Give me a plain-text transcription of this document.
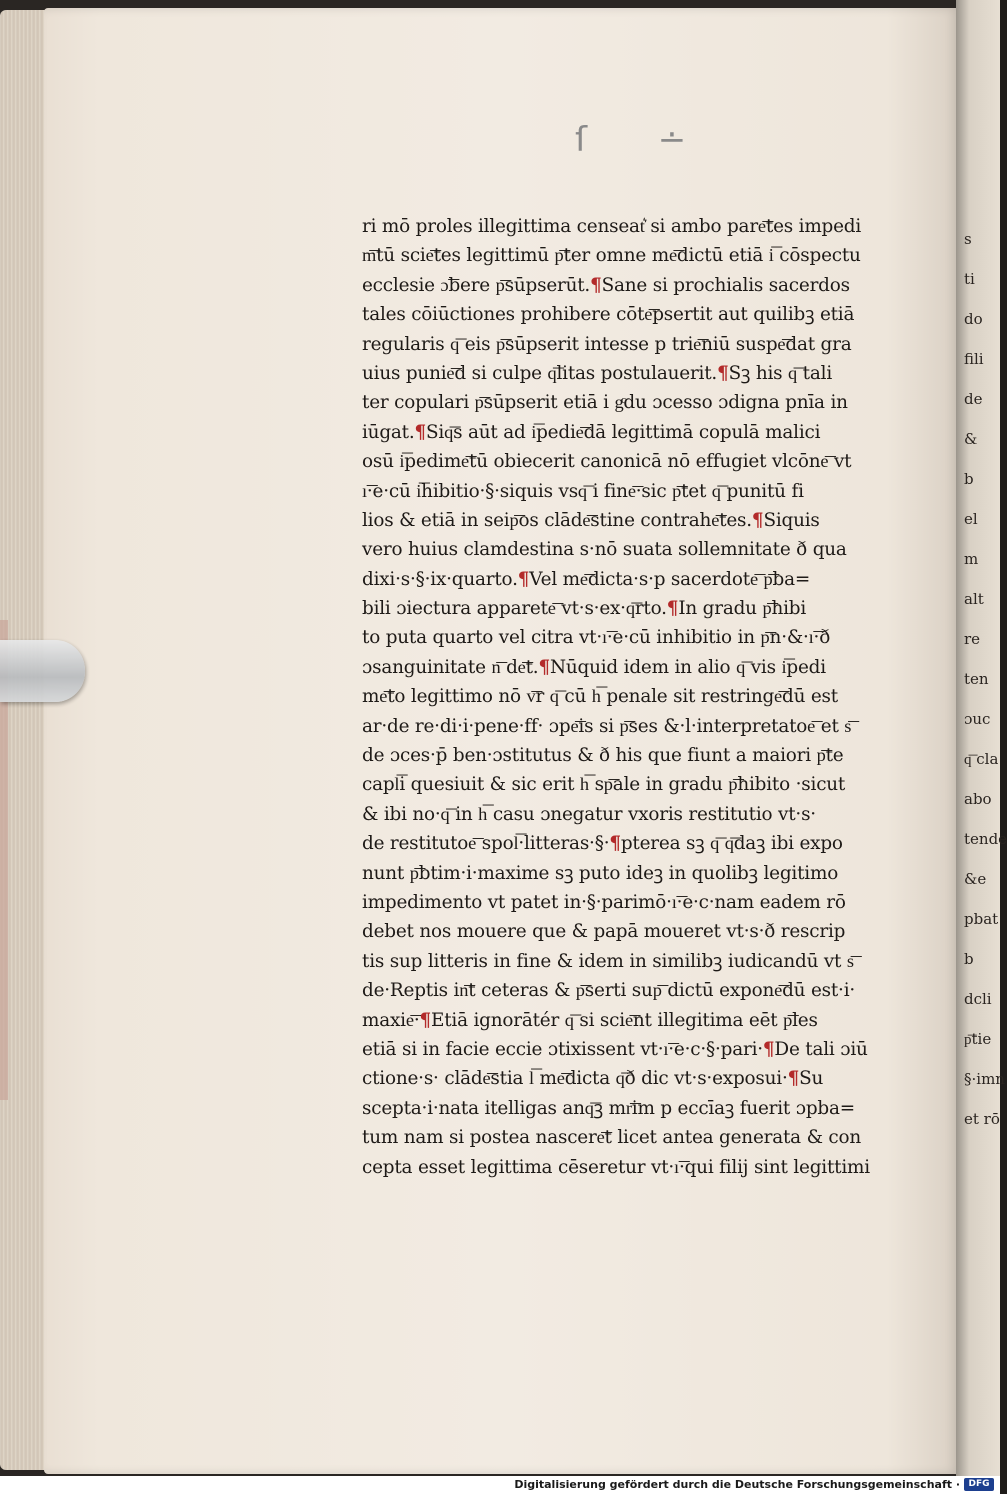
s
ti
do
fili
de
&
b
el
m
alt
re
ten
ɔuc
q͞ cla
abo
tende
&e
pbat
b
dcli
p͞tie
§·imn
et rō
ſ ∸
ri mō proles illegittima censeat͛ si ambo pare͞tes impedi
m͞tū scie͞tes legittimū p͞ter omne me͞dictū etiā i͞ cōspectu
ecclesie ɔ͞bere p͞sūpserūt.¶Sane si prochialis sacerdos
tales cōiūctiones prohibere cōte͞psertit aut quilibꝫ etiā
regularis q͞ eis p͞sūpserit intesse p trie͞niū suspe͞dat gra
uius punie͞d si culpe q͞litas postulauerit.¶Sꝫ his q͞ tali
ter copulari p͞sūpserit etiā i gͨdu ɔcesso ɔdigna pnīa in
iūgat.¶Siq͞s aūt ad i͞pedie͞dā legittimā copulā malici
osū i͞pedime͞tū obiecerit canonicā nō effugiet vlcōne͞ vt
ı͞·e·cū i͞hibitio·§·siquis vsq͞ i fine͞·sic p͞tet q͞ punitū fi
lios & etiā in seip͞os clāde͞stine contrahe͞tes.¶Siquis
vero huius clamdestina s·nō suata sollemnitate ð qua
dixi·s·§·ix·quarto.¶Vel me͞dicta·s·p sacerdote͞ p͞ba=
bili ɔiectura apparete͞ vt·s·ex·q͞rto.¶In gradu p͞hibi
to puta quarto vel citra vt·ı͞·e·cū inhibitio in p͞n·&·ı͞·ð
ɔsanguinitate n͞ de͞t.¶Nūquid idem in alio q͞ vis i͞pedi
me͞to legittimo nō v͞r q͞ cū h͞ penale sit restringe͞dū est
ar·de re·di·i·pene·ff· ɔpe͞is si p͞ses &·l·interpretatoe͞ et s͞
de ɔces·p̄ ben·ɔstitutus & ð his que fiunt a maiori p͞te
capl͞i quesiuit & sic erit h͞ sp͞ale in gradu p͞hibito ·sicut
& ibi no·q͞ in h͞ casu ɔnegatur vxoris restitutio vt·s·
de restitutoe͞ spol͞·litteras·§·¶pterea sꝫ q͞ q͞daꝫ ibi expo
nunt p͞btim·i·maxime sꝫ puto ideꝫ in quolibꝫ legitimo
impedimento vt patet in·§·parimō·ı͞·e·c·nam eadem rō
debet nos mouere que & papā moueret vt·s·ð rescrip
tis sup litteris in fine & idem in similibꝫ iudicandū vt s͞
de·Reptis in͞t ceteras & p͞serti sup͞ dictū expone͞dū est·i·
maxie͞·¶Etiā ignorātér q͞ si scie͞nt illegitima eēt p͞les
etiā si in facie eccie ɔtixissent vt·ı͞·e·c·§·pari·¶De tali ɔiū
ctione·s· clāde͞stia l͞ me͞dicta q͞ð dic vt·s·exposui·¶Su
scepta·i·nata itelligas anq͞ꝫ mr͞im p eccīaꝫ fuerit ɔpba=
tum nam si postea nascere͞t licet antea generata & con
cepta esset legittima cēseretur vt·ı͞·qui filij sint legittimi
Digitalisierung gefördert durch die Deutsche Forschungsgemeinschaft · DFG
